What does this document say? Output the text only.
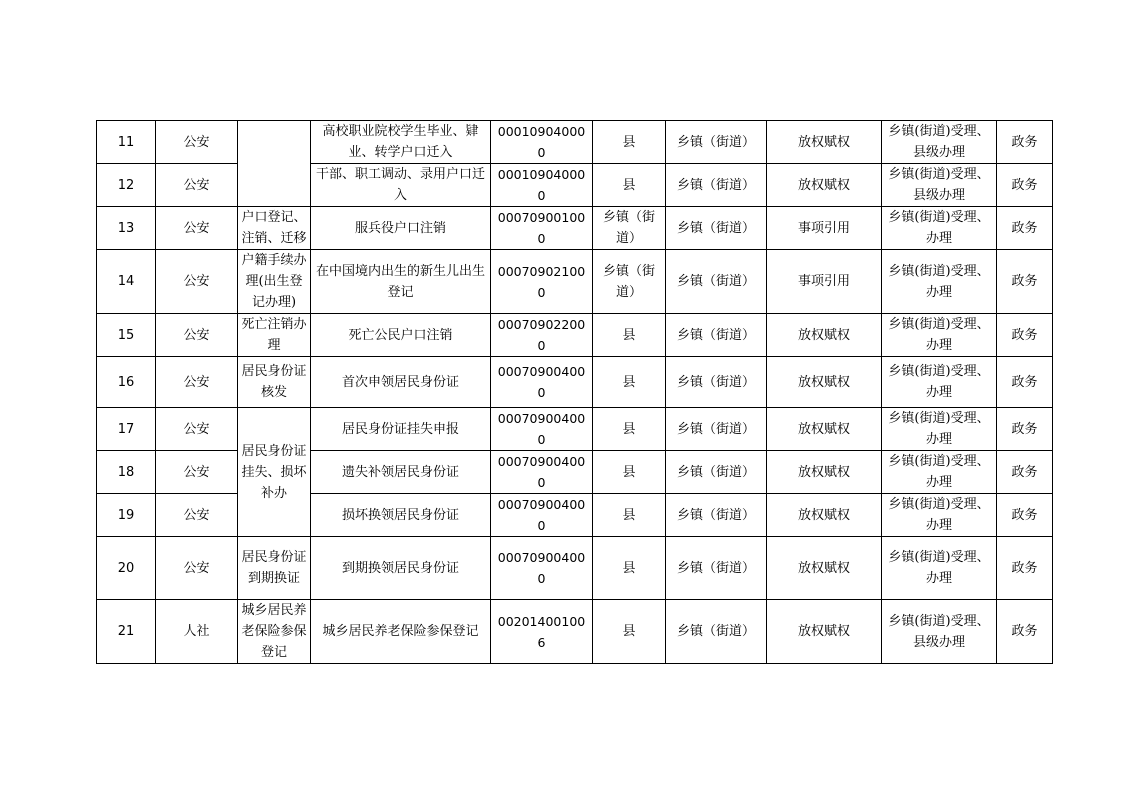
11	公安		高校职业院校学生毕业、肄业、转学户口迁入	000109040000	县	乡镇（街道）	放权赋权	乡镇(街道)受理、县级办理	政务
12	公安		干部、职工调动、录用户口迁入	000109040000	县	乡镇（街道）	放权赋权	乡镇(街道)受理、县级办理	政务
13	公安	户口登记、注销、迁移	服兵役户口注销	000709001000	乡镇（街道）	乡镇（街道）	事项引用	乡镇(街道)受理、办理	政务
14	公安	户籍手续办理(出生登记办理)	在中国境内出生的新生儿出生登记	000709021000	乡镇（街道）	乡镇（街道）	事项引用	乡镇(街道)受理、办理	政务
15	公安	死亡注销办理	死亡公民户口注销	000709022000	县	乡镇（街道）	放权赋权	乡镇(街道)受理、办理	政务
16	公安	居民身份证核发	首次申领居民身份证	000709004000	县	乡镇（街道）	放权赋权	乡镇(街道)受理、办理	政务
17	公安	居民身份证挂失、损坏补办	居民身份证挂失申报	000709004000	县	乡镇（街道）	放权赋权	乡镇(街道)受理、办理	政务
18	公安		遗失补领居民身份证	000709004000	县	乡镇（街道）	放权赋权	乡镇(街道)受理、办理	政务
19	公安		损坏换领居民身份证	000709004000	县	乡镇（街道）	放权赋权	乡镇(街道)受理、办理	政务
20	公安	居民身份证到期换证	到期换领居民身份证	000709004000	县	乡镇（街道）	放权赋权	乡镇(街道)受理、办理	政务
21	人社	城乡居民养老保险参保登记	城乡居民养老保险参保登记	002014001006	县	乡镇（街道）	放权赋权	乡镇(街道)受理、县级办理	政务
